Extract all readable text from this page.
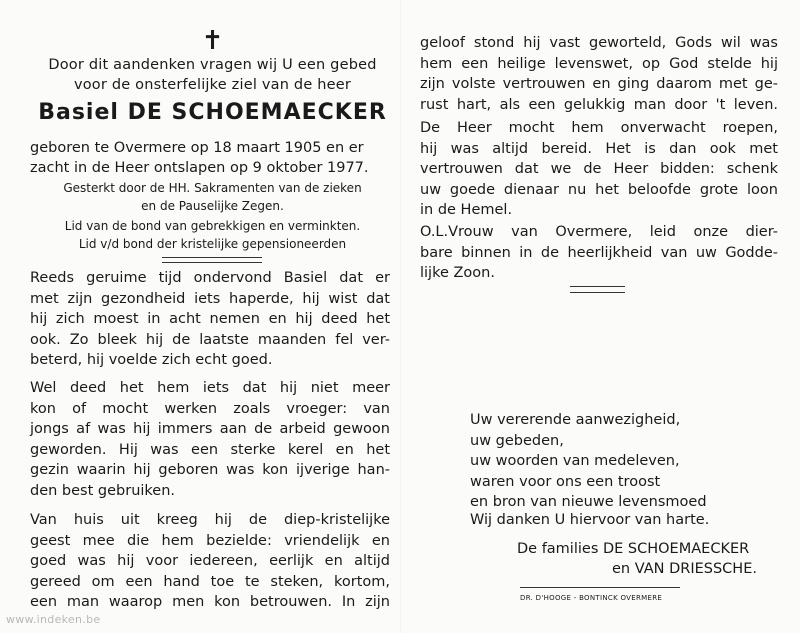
✝
Door dit aandenken vragen wij U een gebed
voor de onsterfelijke ziel van de heer
Basiel DE SCHOEMAECKER
geboren te Overmere op 18 maart 1905 en er
zacht in de Heer ontslapen op 9 oktober 1977.
Gesterkt door de HH. Sakramenten van de zieken
en de Pauselijke Zegen.
Lid van de bond van gebrekkigen en verminkten.
Lid v/d bond der kristelijke gepensioneerden
Reeds geruime tijd ondervond Basiel dat er
met zijn gezondheid iets haperde, hij wist dat
hij zich moest in acht nemen en hij deed het
ook. Zo bleek hij de laatste maanden fel ver-
beterd, hij voelde zich echt goed.
Wel deed het hem iets dat hij niet meer
kon of mocht werken zoals vroeger: van
jongs af was hij immers aan de arbeid gewoon
geworden. Hij was een sterke kerel en het
gezin waarin hij geboren was kon ijverige han-
den best gebruiken.
Van huis uit kreeg hij de diep-kristelijke
geest mee die hem bezielde: vriendelijk en
goed was hij voor iedereen, eerlijk en altijd
gereed om een hand toe te steken, kortom,
een man waarop men kon betrouwen. In zijn
geloof stond hij vast geworteld, Gods wil was
hem een heilige levenswet, op God stelde hij
zijn volste vertrouwen en ging daarom met ge-
rust hart, als een gelukkig man door 't leven.
De Heer mocht hem onverwacht roepen,
hij was altijd bereid. Het is dan ook met
vertrouwen dat we de Heer bidden: schenk
uw goede dienaar nu het beloofde grote loon
in de Hemel.
O.L.Vrouw van Overmere, leid onze dier-
bare binnen in de heerlijkheid van uw Godde-
lijke Zoon.
Uw vererende aanwezigheid,
uw gebeden,
uw woorden van medeleven,
waren voor ons een troost
en bron van nieuwe levensmoed
Wij danken U hiervoor van harte.
De families DE SCHOEMAECKER
en VAN DRIESSCHE.
DR. D'HOOGE - BONTINCK OVERMERE
www.indeken.be
